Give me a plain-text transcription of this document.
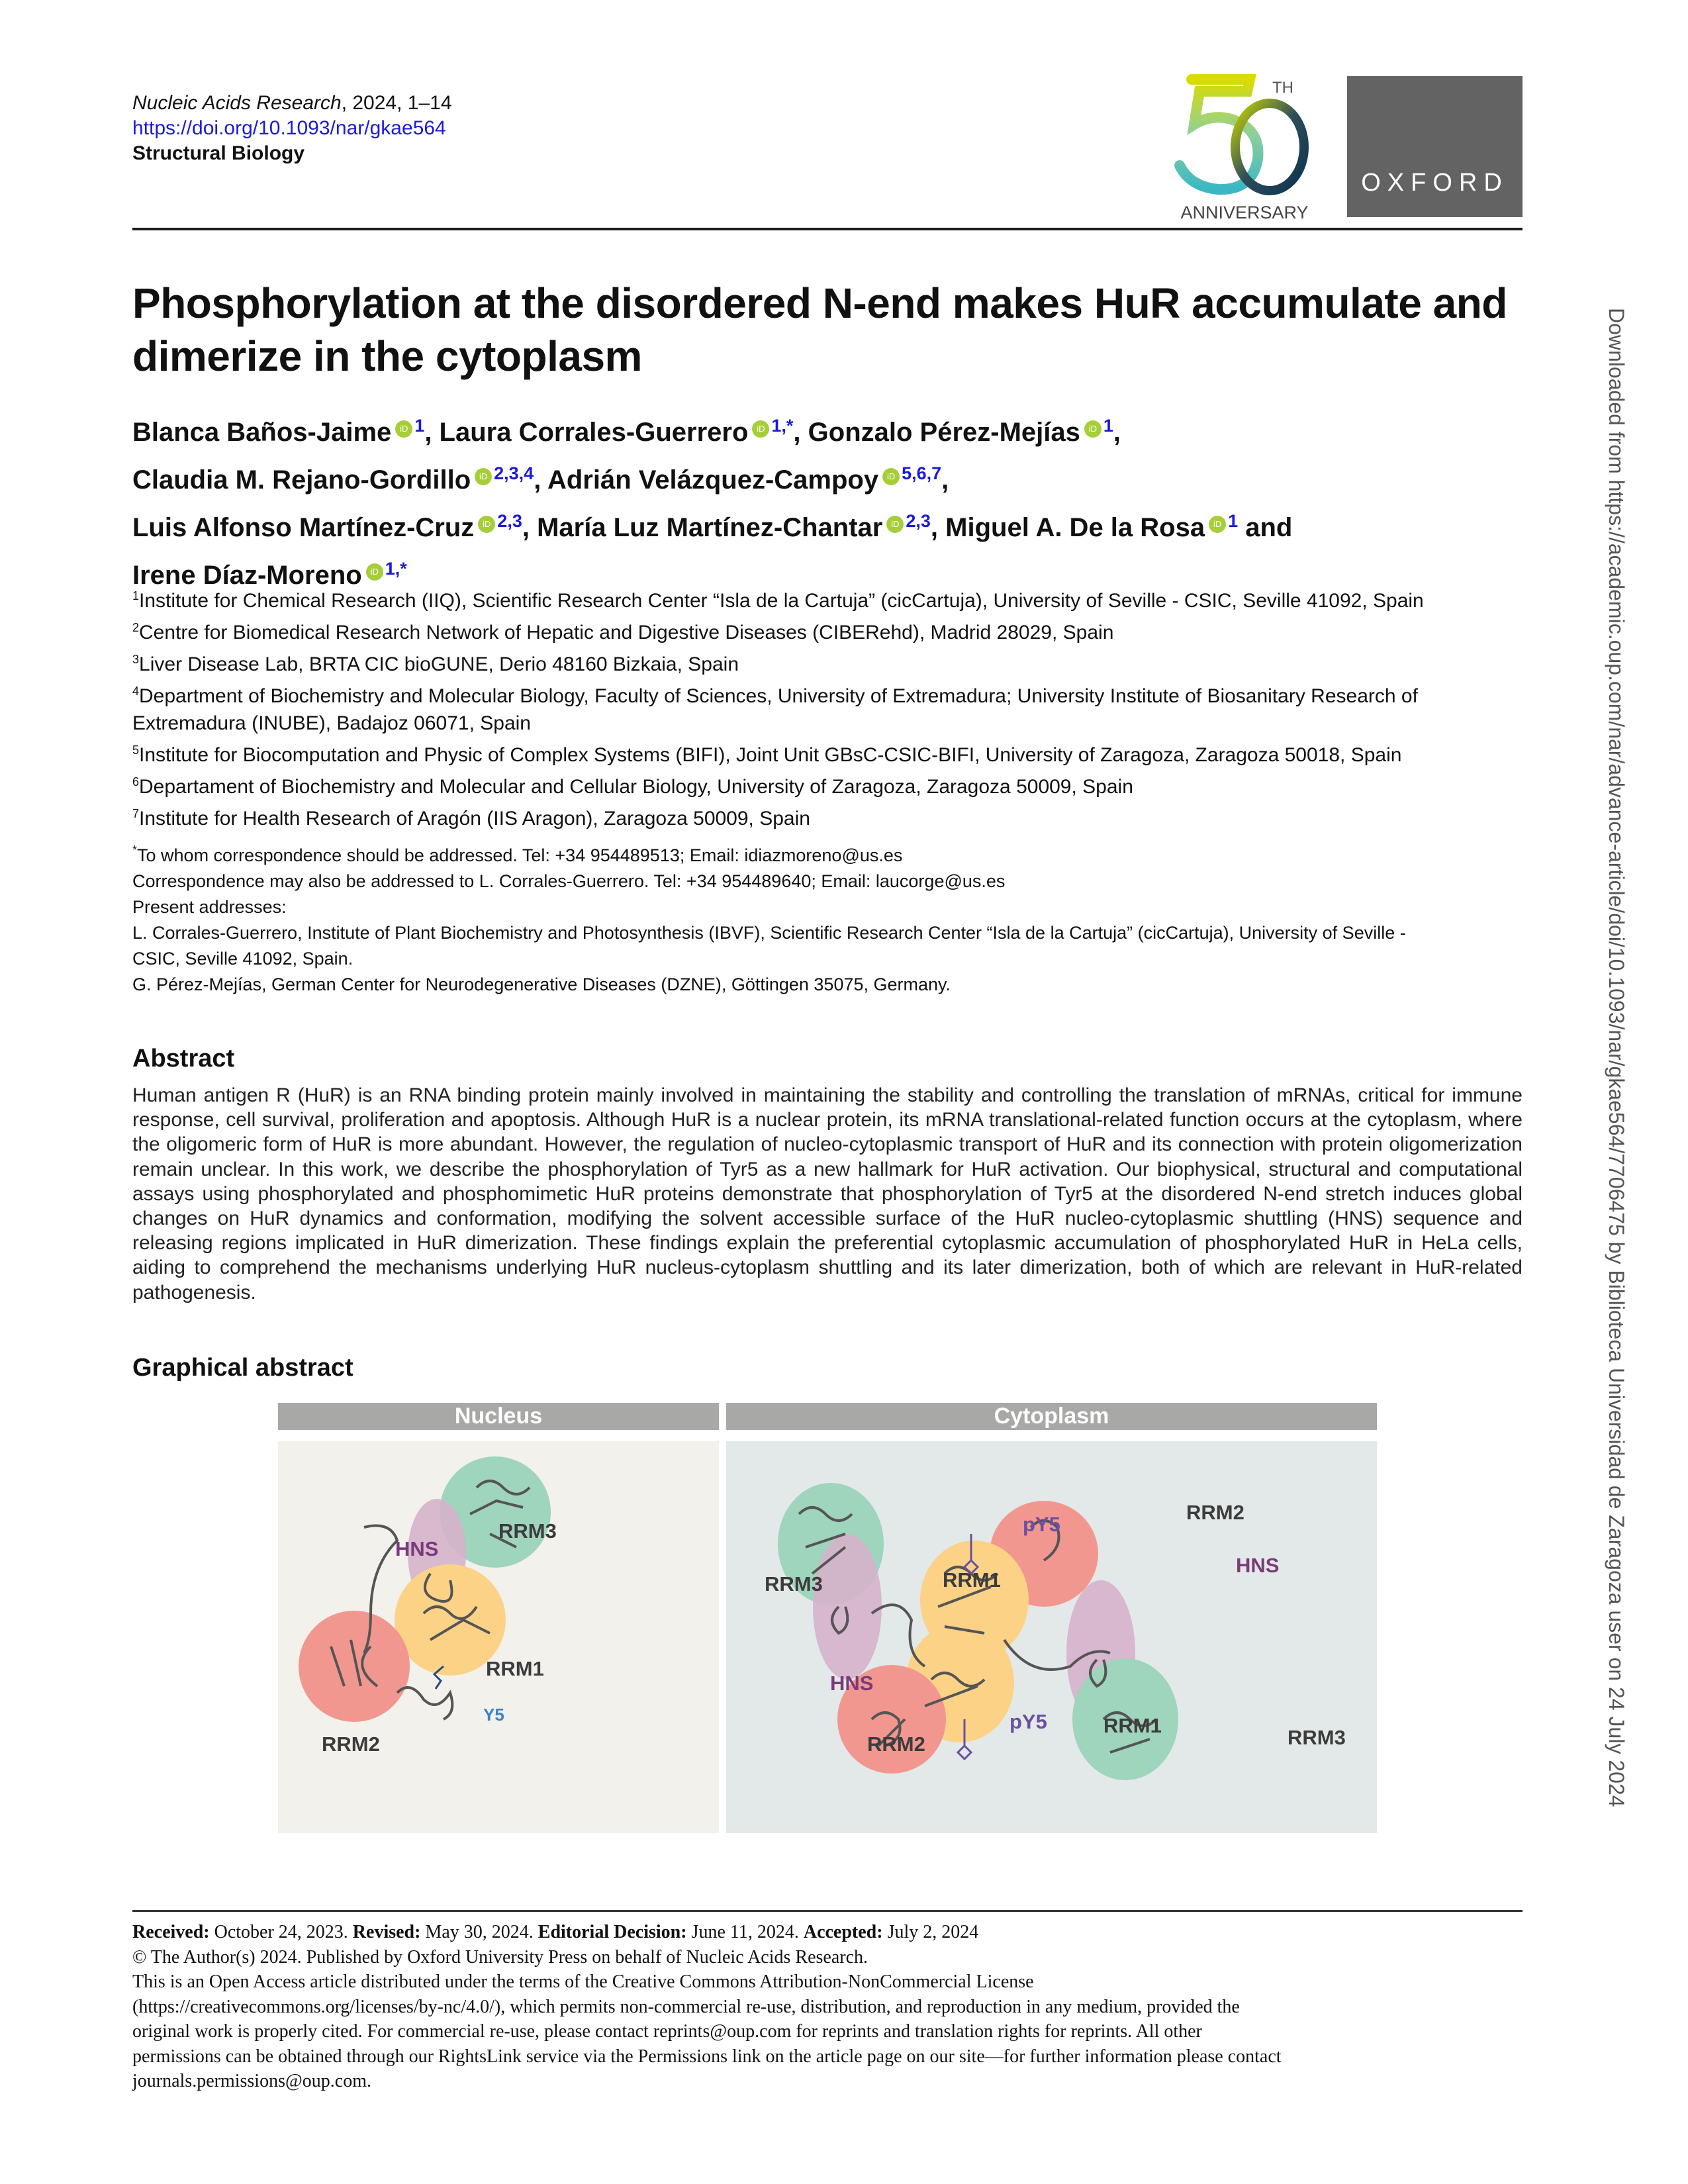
Nucleic Acids Research, 2024, 1–14
https://doi.org/10.1093/nar/gkae564
Structural Biology
TH
ANNIVERSARY
OXFORD
Downloaded from https://academic.oup.com/nar/advance-article/doi/10.1093/nar/gkae564/7706475 by Biblioteca Universidad de Zaragoza user on 24 July 2024
Phosphorylation at the disordered N-end makes HuR accumulate and dimerize in the cytoplasm
Blanca Baños-Jaime iD $^1$, Laura Corrales-Guerrero iD $^{1,*}$, Gonzalo Pérez-Mejías iD $^1$,
Claudia M. Rejano-Gordillo iD $^{2,3,4}$, Adrián Velázquez-Campoy iD $^{5,6,7}$,
Luis Alfonso Martínez-Cruz iD $^{2,3}$, María Luz Martínez-Chantar iD $^{2,3}$, Miguel A. De la Rosa iD $^1$ and
Irene Díaz-Moreno iD $^{1,*}$
$^1$Institute for Chemical Research (IIQ), Scientific Research Center “Isla de la Cartuja” (cicCartuja), University of Seville - CSIC, Seville 41092, Spain
$^2$Centre for Biomedical Research Network of Hepatic and Digestive Diseases (CIBERehd), Madrid 28029, Spain
$^3$Liver Disease Lab, BRTA CIC bioGUNE, Derio 48160 Bizkaia, Spain
$^4$Department of Biochemistry and Molecular Biology, Faculty of Sciences, University of Extremadura; University Institute of Biosanitary Research of Extremadura (INUBE), Badajoz 06071, Spain
$^5$Institute for Biocomputation and Physic of Complex Systems (BIFI), Joint Unit GBsC-CSIC-BIFI, University of Zaragoza, Zaragoza 50018, Spain
$^6$Departament of Biochemistry and Molecular and Cellular Biology, University of Zaragoza, Zaragoza 50009, Spain
$^7$Institute for Health Research of Aragón (IIS Aragon), Zaragoza 50009, Spain
*To whom correspondence should be addressed. Tel: +34 954489513; Email: idiazmoreno@us.es
Correspondence may also be addressed to L. Corrales-Guerrero. Tel: +34 954489640; Email: laucorge@us.es
Present addresses:
L. Corrales-Guerrero, Institute of Plant Biochemistry and Photosynthesis (IBVF), Scientific Research Center “Isla de la Cartuja” (cicCartuja), University of Seville - CSIC, Seville 41092, Spain.
G. Pérez-Mejías, German Center for Neurodegenerative Diseases (DZNE), Göttingen 35075, Germany.
Abstract
Human antigen R (HuR) is an RNA binding protein mainly involved in maintaining the stability and controlling the translation of mRNAs, critical for immune response, cell survival, proliferation and apoptosis. Although HuR is a nuclear protein, its mRNA translational-related function occurs at the cytoplasm, where the oligomeric form of HuR is more abundant. However, the regulation of nucleo-cytoplasmic transport of HuR and its connection with protein oligomerization remain unclear. In this work, we describe the phosphorylation of Tyr5 as a new hallmark for HuR activation. Our biophysical, structural and computational assays using phosphorylated and phosphomimetic HuR proteins demonstrate that phosphorylation of Tyr5 at the disordered N-end stretch induces global changes on HuR dynamics and conformation, modifying the solvent accessible surface of the HuR nucleo-cytoplasmic shuttling (HNS) sequence and releasing regions implicated in HuR dimerization. These findings explain the preferential cytoplasmic accumulation of phosphorylated HuR in HeLa cells, aiding to comprehend the mechanisms underlying HuR nucleus-cytoplasm shuttling and its later dimerization, both of which are relevant in HuR-related pathogenesis.
Graphical abstract
Nucleus	Cytoplasm
RRM3
HNS
RRM1
RRM2
Y5
RRM3
pY5
RRM1
RRM2
HNS
HNS
pY5	RRM1
RRM2	RRM3
Received: October 24, 2023. Revised: May 30, 2024. Editorial Decision: June 11, 2024. Accepted: July 2, 2024
© The Author(s) 2024. Published by Oxford University Press on behalf of Nucleic Acids Research.
This is an Open Access article distributed under the terms of the Creative Commons Attribution-NonCommercial License
(https://creativecommons.org/licenses/by-nc/4.0/), which permits non-commercial re-use, distribution, and reproduction in any medium, provided the
original work is properly cited. For commercial re-use, please contact reprints@oup.com for reprints and translation rights for reprints. All other
permissions can be obtained through our RightsLink service via the Permissions link on the article page on our site—for further information please contact
journals.permissions@oup.com.
